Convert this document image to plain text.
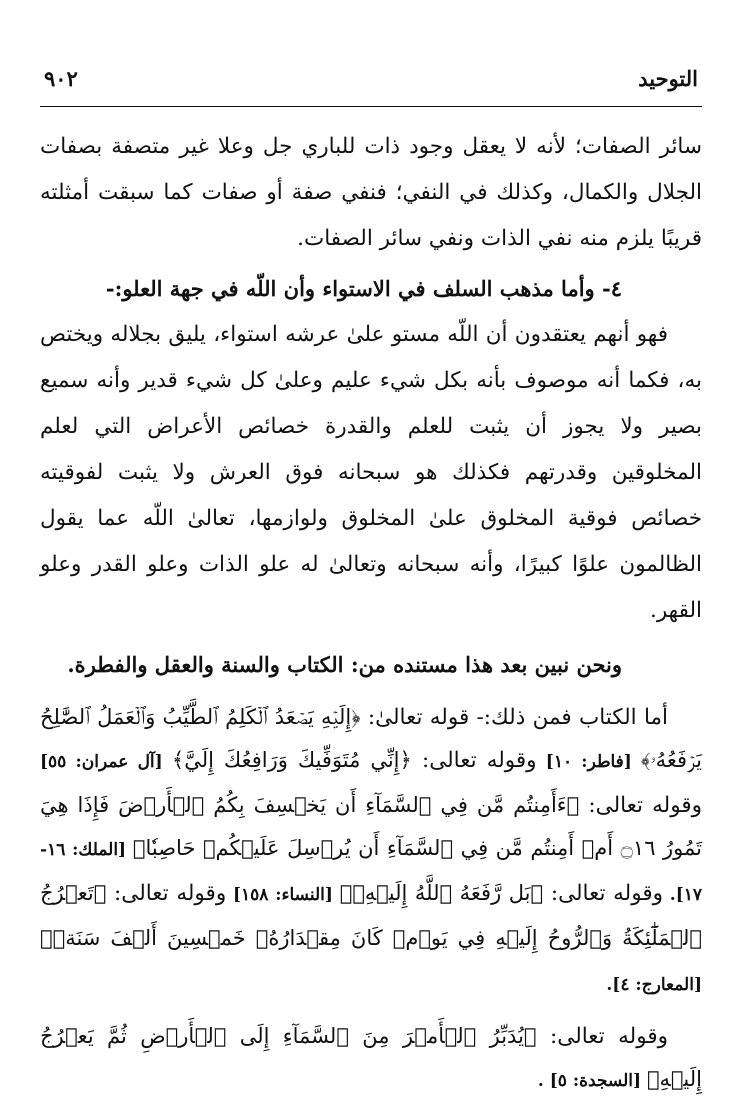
التوحيد
٩٠٢

سائر الصفات؛ لأنه لا يعقل وجود ذات للباري جل وعلا غير متصفة بصفات الجلال والكمال، وكذلك في النفي؛ فنفي صفة أو صفات كما سبقت أمثلته قريبًا يلزم منه نفي الذات ونفي سائر الصفات.

٤- وأما مذهب السلف في الاستواء وأن اللّه في جهة العلو:-

فهو أنهم يعتقدون أن اللّه مستو علىٰ عرشه استواء، يليق بجلاله ويختص به، فكما أنه موصوف بأنه بكل شيء عليم وعلىٰ كل شيء قدير وأنه سميع بصير ولا يجوز أن يثبت للعلم والقدرة خصائص الأعراض التي لعلم المخلوقين وقدرتهم فكذلك هو سبحانه فوق العرش ولا يثبت لفوقيته خصائص فوقية المخلوق علىٰ المخلوق ولوازمها، تعالىٰ اللّه عما يقول الظالمون علوًا كبيرًا، وأنه سبحانه وتعالىٰ له علو الذات وعلو القدر وعلو القهر.

ونحن نبين بعد هذا مستنده من: الكتاب والسنة والعقل والفطرة.

أما الكتاب فمن ذلك:- قوله تعالىٰ: ﴿إِلَيۡهِ يَصۡعَدُ ٱلۡكَلِمُ ٱلطَّيِّبُ وَٱلۡعَمَلُ ٱلصَّٰلِحُ يَرۡفَعُهُۥ﴾ [فاطر: ١٠] وقوله تعالى: ﴿إِنِّي مُتَوَفِّيكَ وَرَافِعُكَ إِلَيَّ﴾ [آل عمران: ٥٥] وقوله تعالى: ﴿ءَأَمِنتُم مَّن فِي ٱلسَّمَآءِ أَن يَخۡسِفَ بِكُمُ ٱلۡأَرۡضَ فَإِذَا هِيَ تَمُورُ ۝١٦ أَمۡ أَمِنتُم مَّن فِي ٱلسَّمَآءِ أَن يُرۡسِلَ عَلَيۡكُمۡ حَاصِبٗا﴾ [الملك: ١٦- ١٧]. وقوله تعالى: ﴿بَل رَّفَعَهُ ٱللَّهُ إِلَيۡهِۚ﴾ [النساء: ١٥٨] وقوله تعالى: ﴿تَعۡرُجُ ٱلۡمَلَٰٓئِكَةُ وَٱلرُّوحُ إِلَيۡهِ فِي يَوۡمٖ كَانَ مِقۡدَارُهُۥ خَمۡسِينَ أَلۡفَ سَنَةٖ﴾ [المعارج: ٤].

وقوله تعالى: ﴿يُدَبِّرُ ٱلۡأَمۡرَ مِنَ ٱلسَّمَآءِ إِلَى ٱلۡأَرۡضِ ثُمَّ يَعۡرُجُ إِلَيۡهِ﴾ [السجدة: ٥] .
